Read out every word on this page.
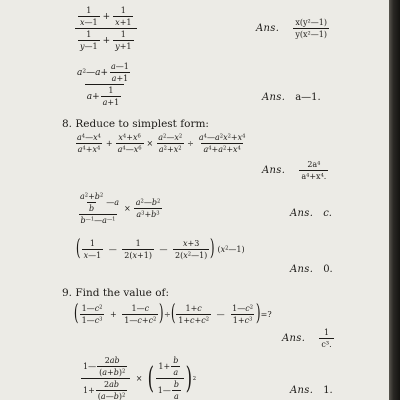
$\frac{\frac{1}{x—1} + \frac{1}{x+1}}{\frac{1}{y—1} + \frac{1}{y+1}}$	Ans. $\frac{\text{x(y²—1)}}{\text{y(x²—1)}}$
$\frac{a^2—a+ \frac{a—1}{a+1}}{a+ \frac{1}{a+1}}$	Ans. a—1.
8. Reduce to simplest form:
$\frac{a^4—x^4}{a^4+x^4} + \frac{x^4+x^6}{a^4—x^6} \times \frac{a^2—x^2}{a^2+x^2} \div \frac{a^4—a^2x^2+x^4}{a^4+a^2+x^4}$
Ans. $\frac{\text{2a⁴}}{\text{a⁴+x⁴.}}$
$\frac{\frac{a^2+b^2}{b} — a}{b^{—1}—a^{—1}} \times \frac{a^2—b^2}{a^3+b^3}$	Ans. c.
( $\frac{1}{x—1}$ — $\frac{1}{2(x+1)}$ — $\frac{x+3}{2(x^2—1)}$ ) $(x^2—1)$
Ans. 0.
9. Find the value of:
( $\frac{1—c^2}{1—c^3} + \frac{1—c}{1—c+c^2}$ ) ÷ ( $\frac{1+c}{1+c+c^2}$ — $\frac{1—c^2}{1+c^3}$ ) =?
Ans. $\frac{1}{\text{c³.}}$
$\frac{1— \frac{2ab}{(a+b)^2}}{1+ \frac{2ab}{(a—b)^2}}$ × ( $\frac{1+ \frac{b}{a}}{1— \frac{b}{a}}$ ) 2
Ans. 1.
